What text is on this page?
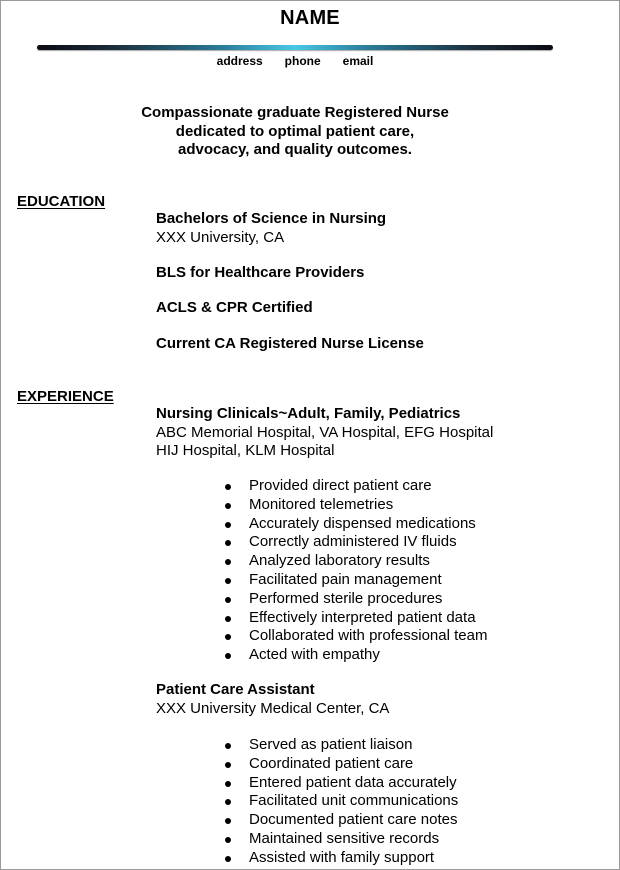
NAME
address   phone   email
Compassionate graduate Registered Nurse
dedicated to optimal patient care,
advocacy, and quality outcomes.
EDUCATION
Bachelors of Science in Nursing
XXX University, CA
BLS for Healthcare Providers
ACLS & CPR Certified
Current CA Registered Nurse License
EXPERIENCE
Nursing Clinicals~Adult, Family, Pediatrics
ABC Memorial Hospital, VA Hospital, EFG Hospital
HIJ Hospital, KLM Hospital
Provided direct patient care
Monitored telemetries
Accurately dispensed medications
Correctly administered IV fluids
Analyzed laboratory results
Facilitated pain management
Performed sterile procedures
Effectively interpreted patient data
Collaborated with professional team
Acted with empathy
Patient Care Assistant
XXX University Medical Center, CA
Served as patient liaison
Coordinated patient care
Entered patient data accurately
Facilitated unit communications
Documented patient care notes
Maintained sensitive records
Assisted with family support
